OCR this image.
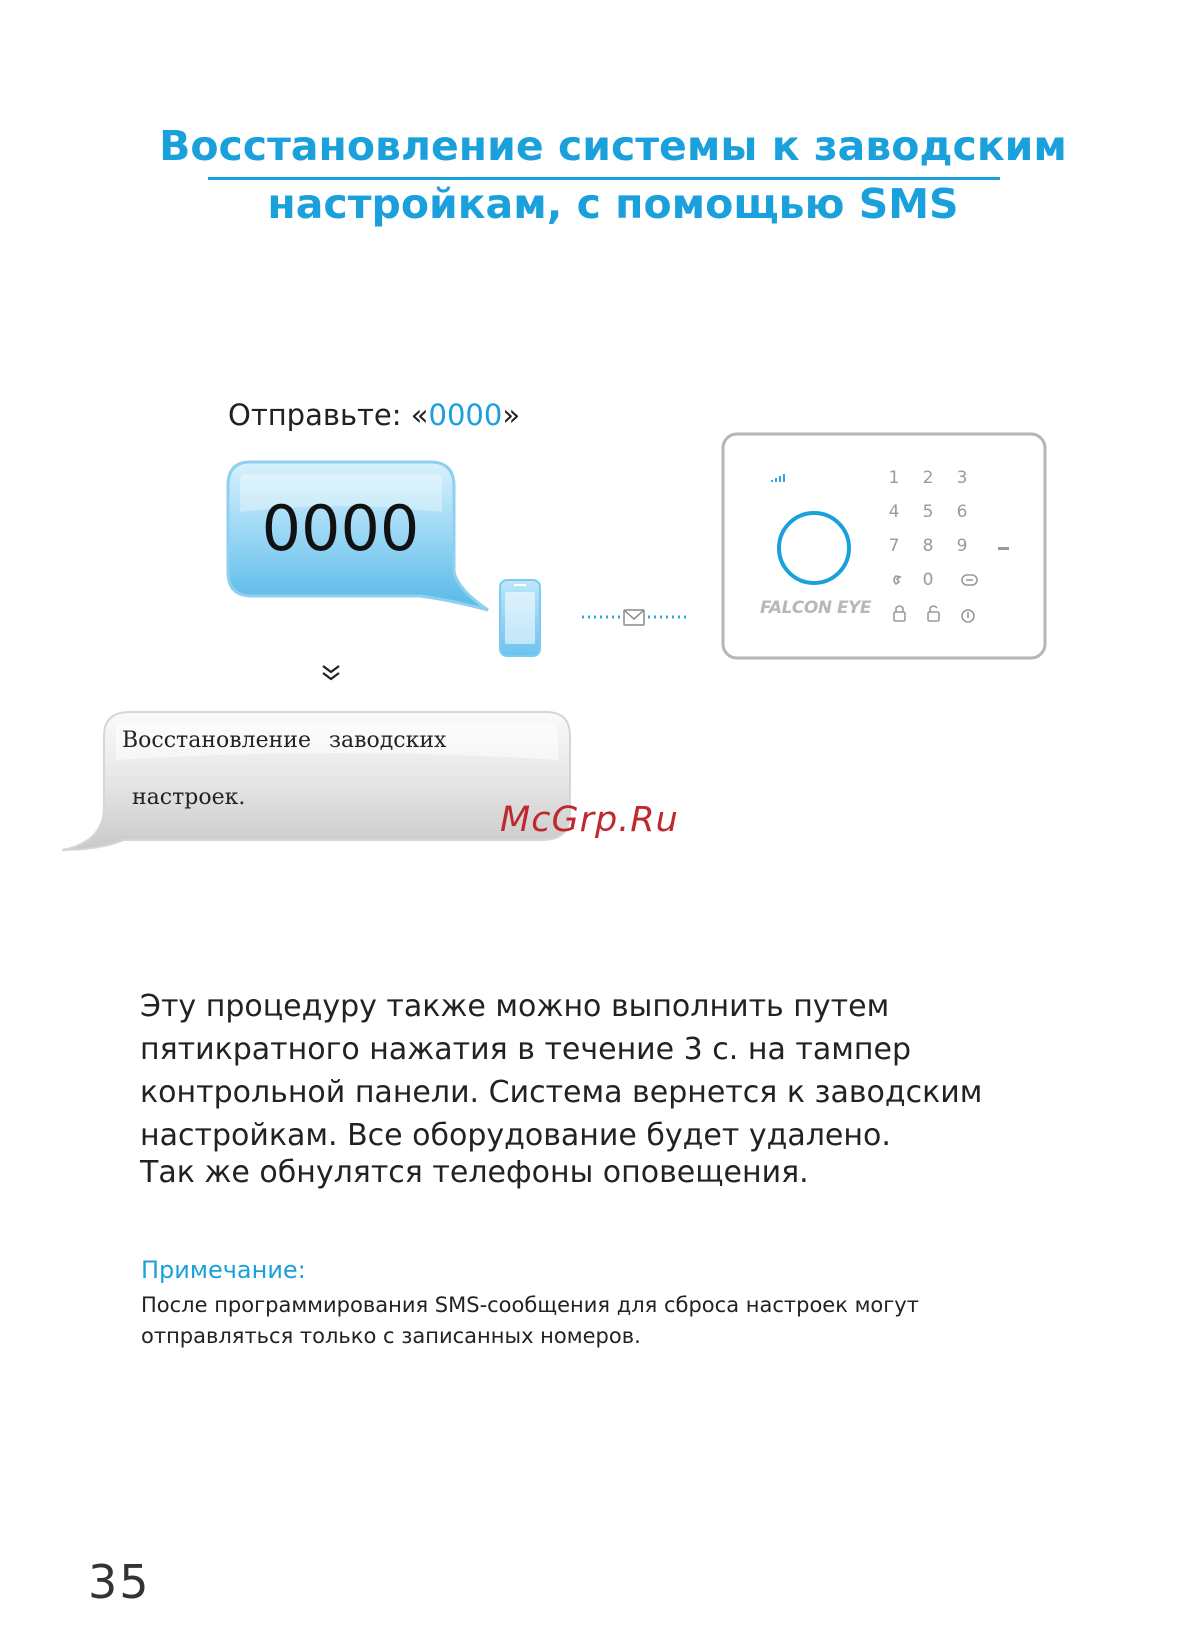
Восстановление системы к заводским
настройкам, с помощью SMS
Отправьте: «0000»
0000
1 2 3
4 5 6
7 8 9
0
FALCON EYE
Восстановление заводских
настроек.
McGrp.Ru
Эту процедуру также можно выполнить путем
пятикратного нажатия в течение 3 с. на тампер
контрольной панели. Система вернется к заводским
настройкам. Все оборудование будет удалено.
Так же обнулятся телефоны оповещения.
Примечание:
После программирования SMS-сообщения для сброса настроек могут
отправляться только с записанных номеров.
35
